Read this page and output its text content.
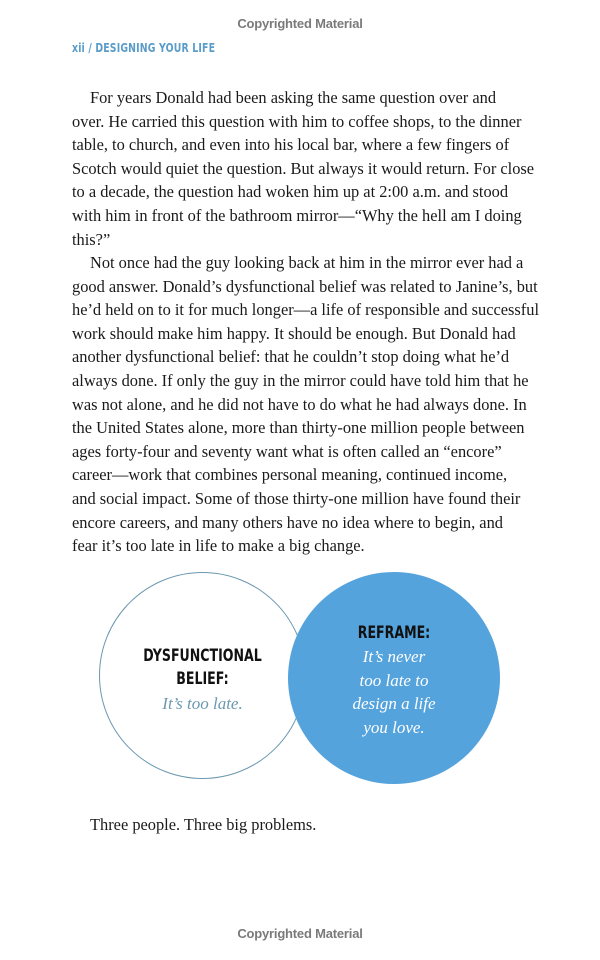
Copyrighted Material
xii / DESIGNING YOUR LIFE

For years Donald had been asking the same question over and
over. He carried this question with him to coffee shops, to the dinner
table, to church, and even into his local bar, where a few fingers of
Scotch would quiet the question. But always it would return. For close
to a decade, the question had woken him up at 2:00 a.m. and stood
with him in front of the bathroom mirror—“Why the hell am I doing
this?”

Not once had the guy looking back at him in the mirror ever had a
good answer. Donald’s dysfunctional belief was related to Janine’s, but
he’d held on to it for much longer—a life of responsible and successful
work should make him happy. It should be enough. But Donald had
another dysfunctional belief: that he couldn’t stop doing what he’d
always done. If only the guy in the mirror could have told him that he
was not alone, and he did not have to do what he had always done. In
the United States alone, more than thirty-one million people between
ages forty-four and seventy want what is often called an “encore”
career—work that combines personal meaning, continued income,
and social impact. Some of those thirty-one million have found their
encore careers, and many others have no idea where to begin, and
fear it’s too late in life to make a big change.

DYSFUNCTIONAL
BELIEF:
It’s too late.
REFRAME:
It’s never
too late to
design a life
you love.
Three people. Three big problems.
Copyrighted Material
